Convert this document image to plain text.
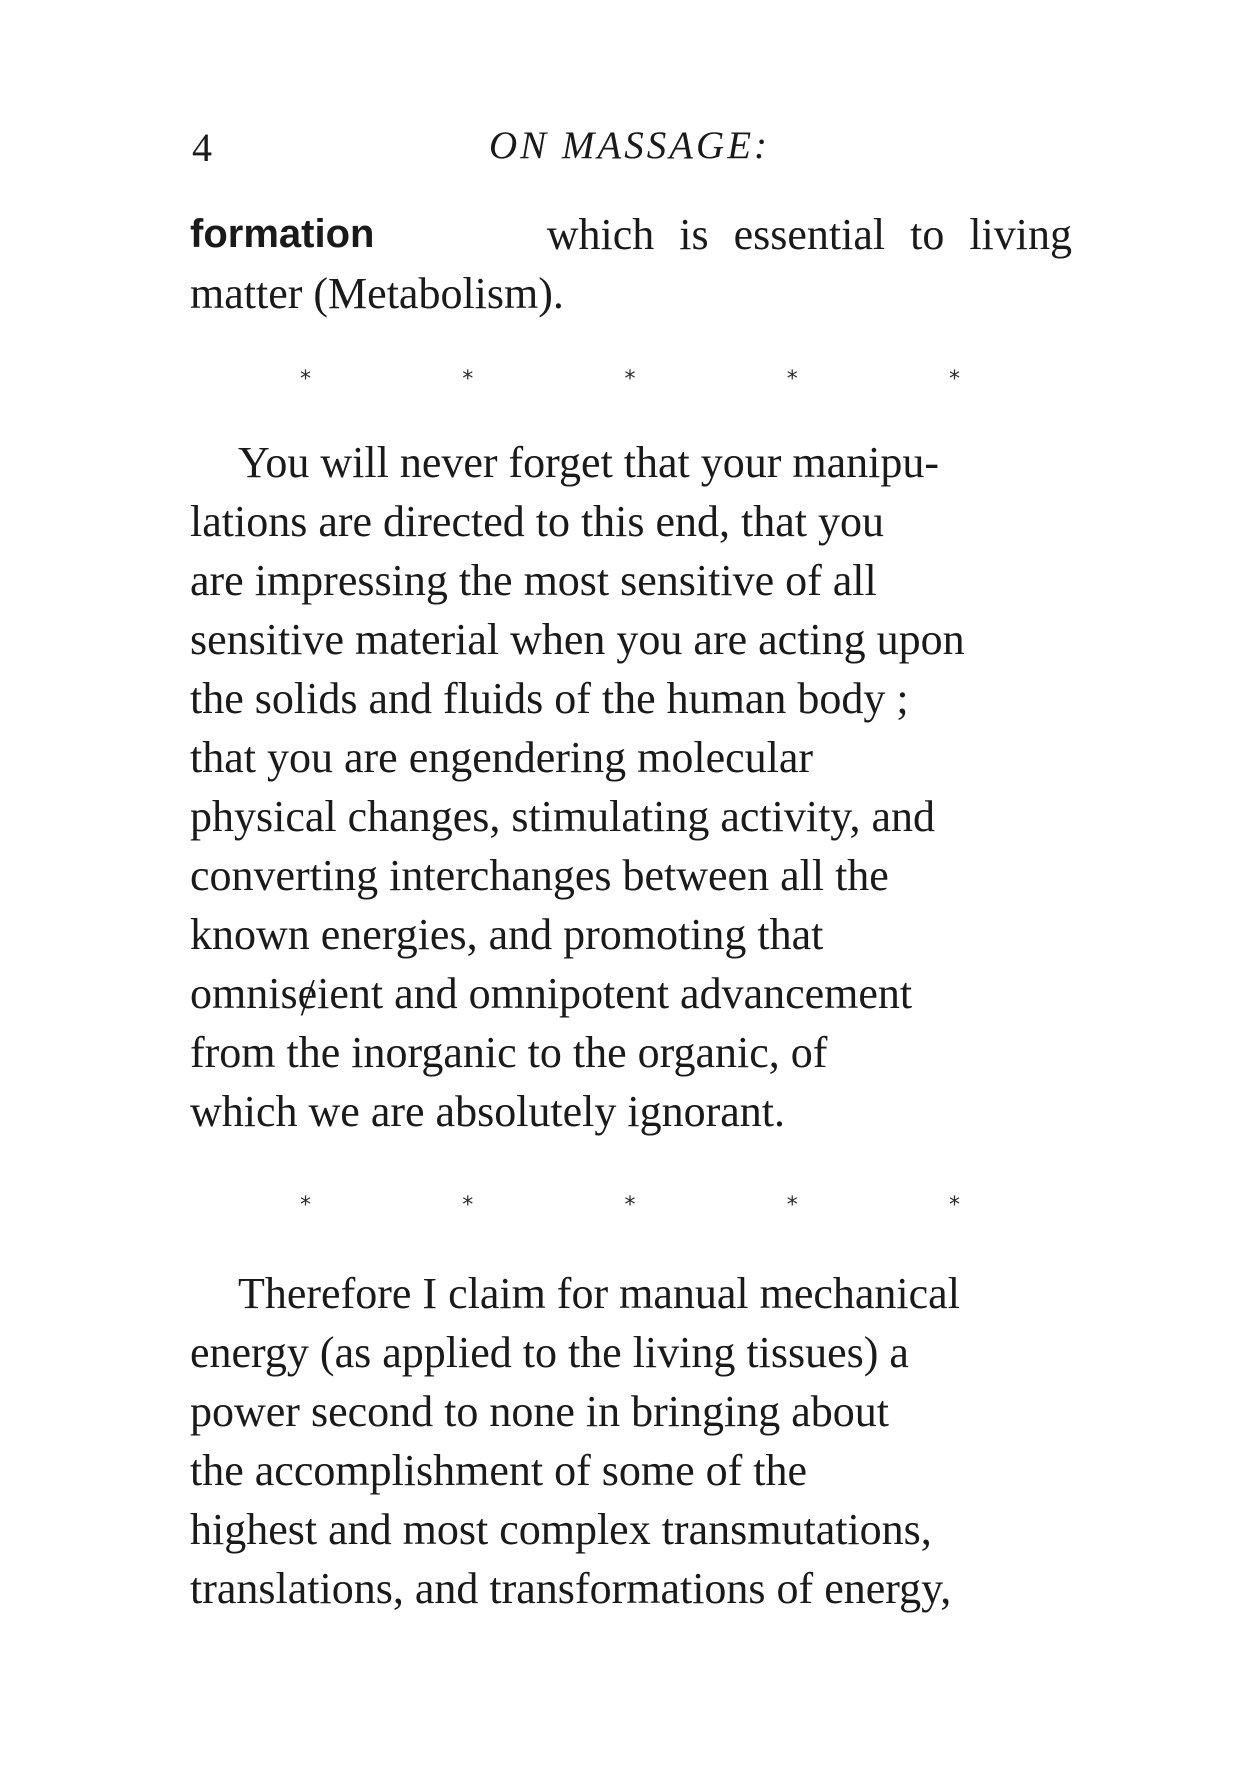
4	ON MASSAGE:
formation	which is essential to living
matter (Metabolism).
*	*	*	*	*
You will never forget that your manipu-
lations are directed to this end, that you
are impressing the most sensitive of all
sensitive material when you are acting upon
the solids and fluids of the human body ;
that you are engendering molecular
physical changes, stimulating activity, and
converting interchanges between all the
known energies, and promoting that
omnisɇient and omnipotent advancement
from the inorganic to the organic, of
which we are absolutely ignorant.
*	*	*	*	*
Therefore I claim for manual mechanical
energy (as applied to the living tissues) a
power second to none in bringing about
the accomplishment of some of the
highest and most complex transmutations,
translations, and transformations of energy,
